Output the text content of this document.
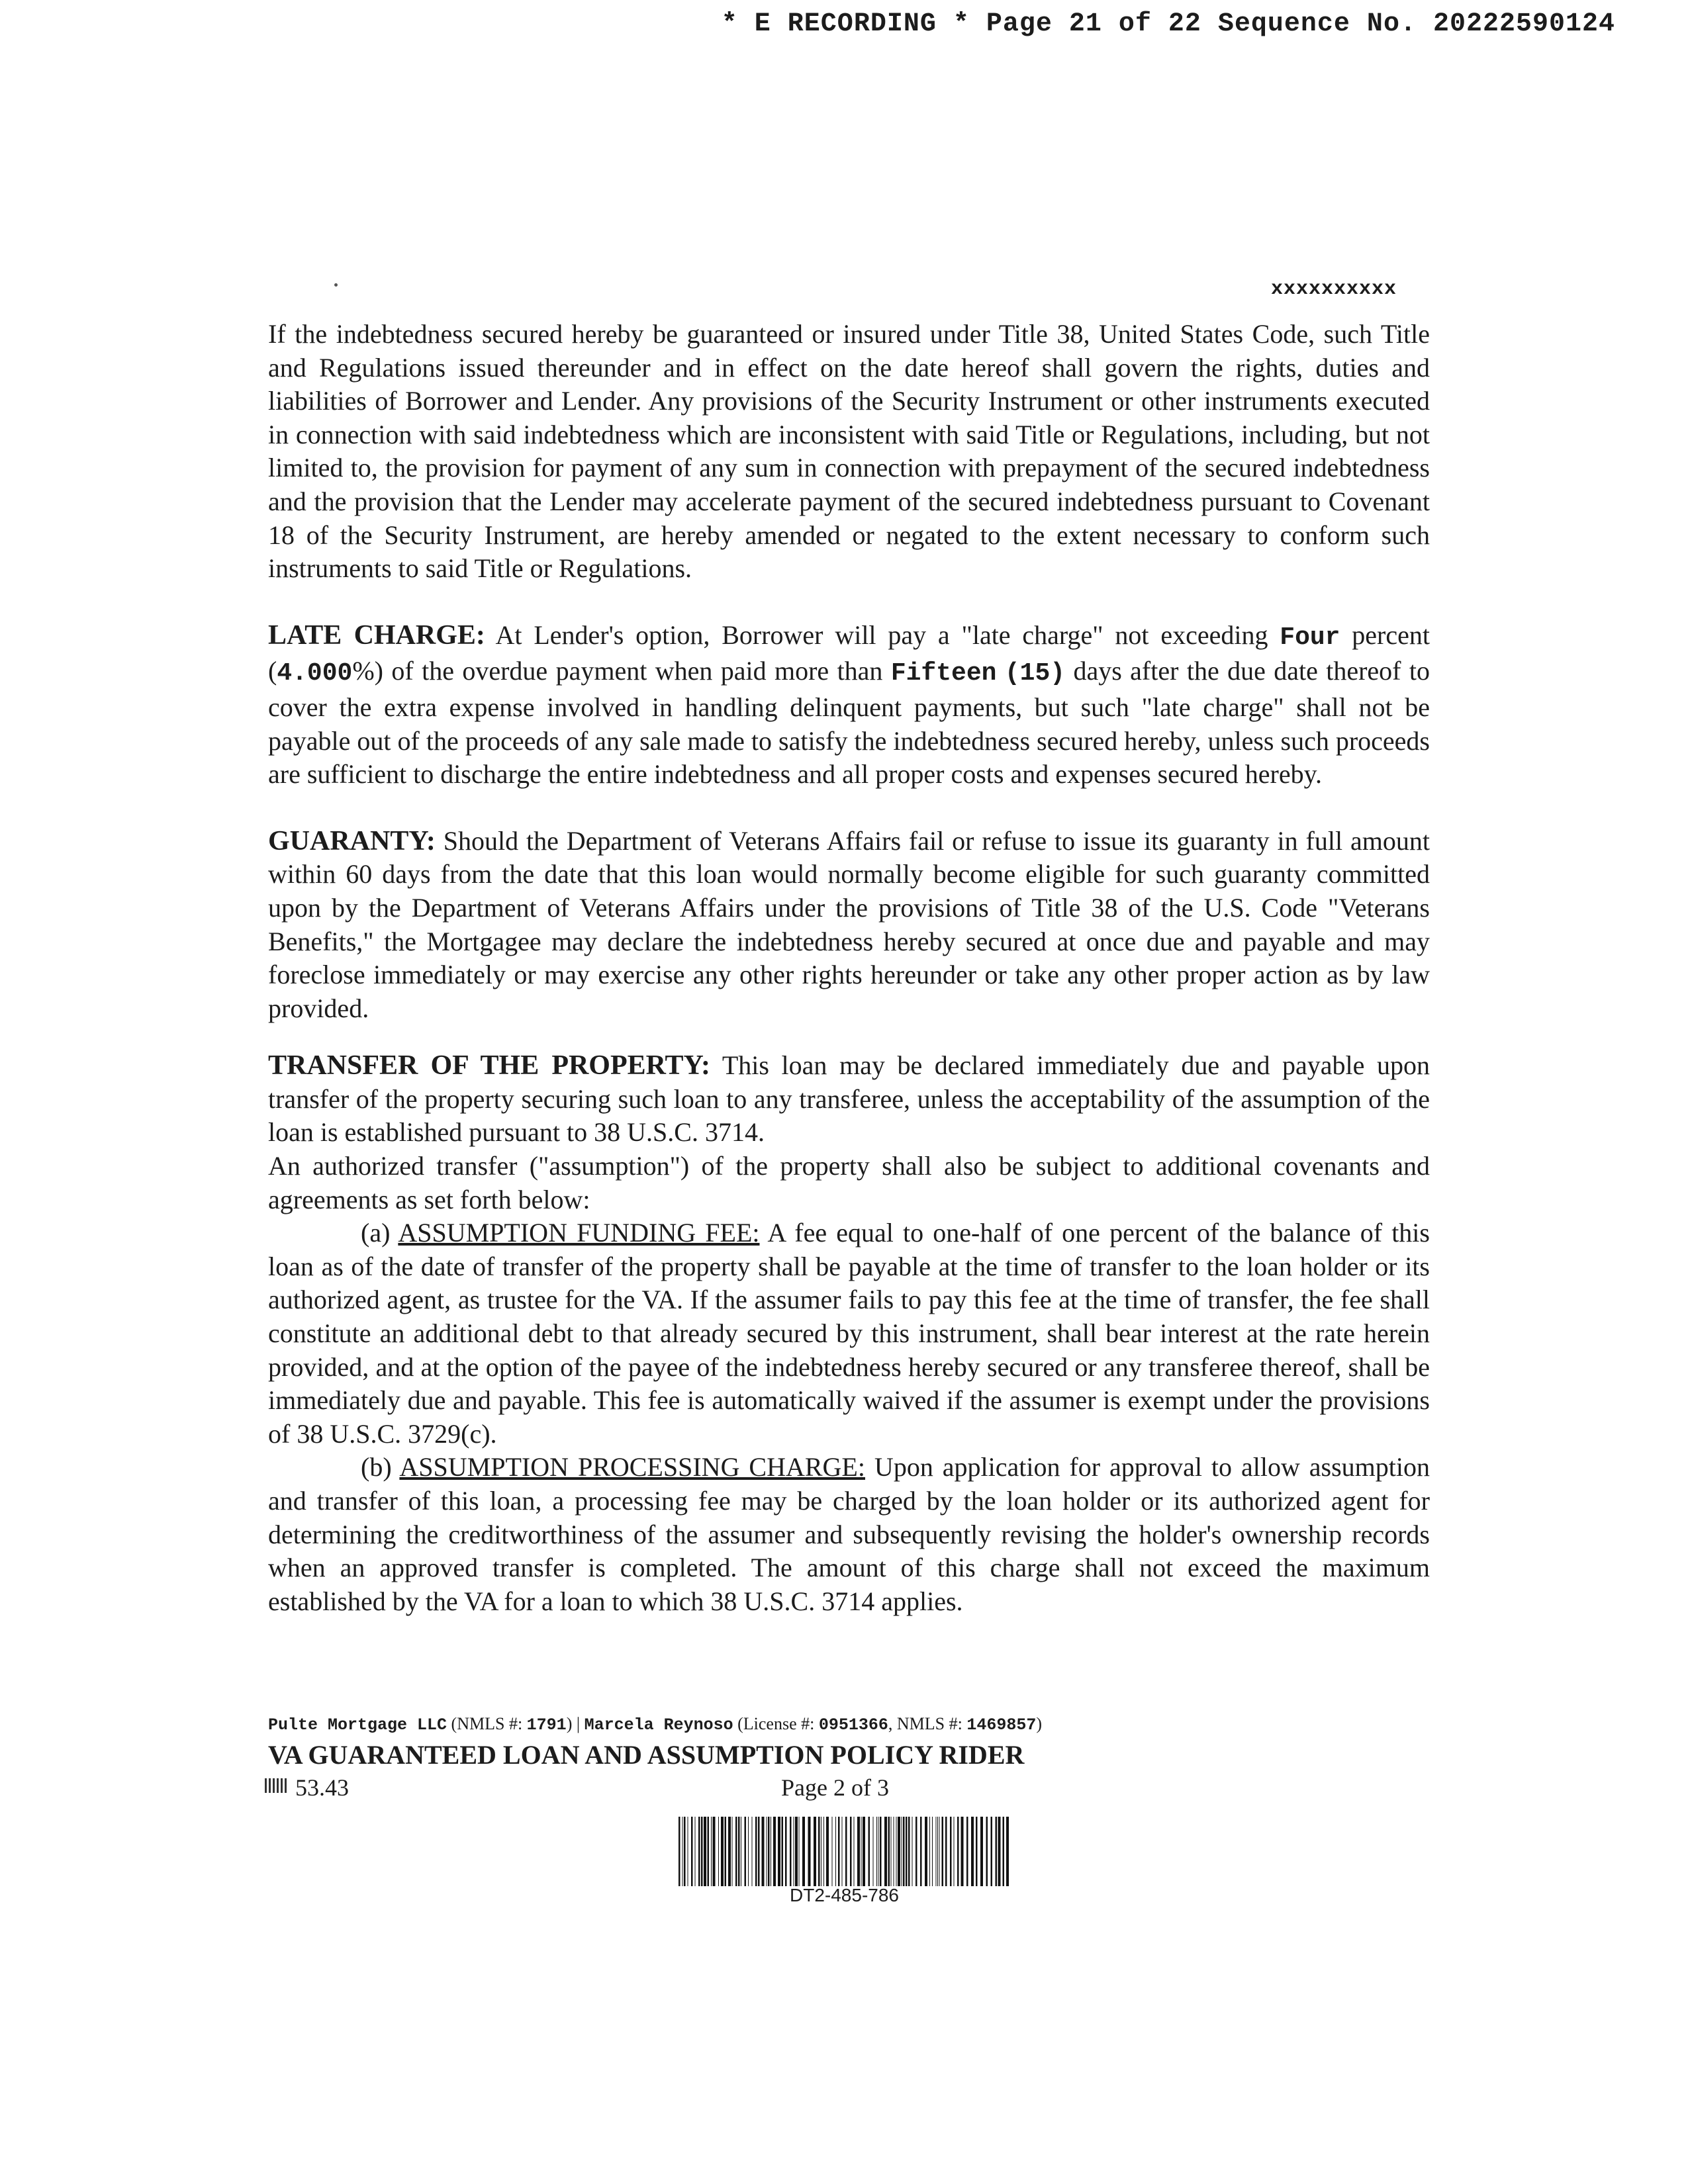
* E RECORDING * Page 21 of 22 Sequence No. 20222590124
xxxxxxxxxx

If the indebtedness secured hereby be guaranteed or insured under Title 38, United States Code, such Title and Regulations issued thereunder and in effect on the date hereof shall govern the rights, duties and liabilities of Borrower and Lender. Any provisions of the Security Instrument or other instruments executed in connection with said indebtedness which are inconsistent with said Title or Regulations, including, but not limited to, the provision for payment of any sum in connection with prepayment of the secured indebtedness and the provision that the Lender may accelerate payment of the secured indebtedness pursuant to Covenant 18 of the Security Instrument, are hereby amended or negated to the extent necessary to conform such instruments to said Title or Regulations.

LATE CHARGE: At Lender's option, Borrower will pay a "late charge" not exceeding Four percent (4.000%) of the overdue payment when paid more than Fifteen (15) days after the due date thereof to cover the extra expense involved in handling delinquent payments, but such "late charge" shall not be payable out of the proceeds of any sale made to satisfy the indebtedness secured hereby, unless such proceeds are sufficient to discharge the entire indebtedness and all proper costs and expenses secured hereby.

GUARANTY: Should the Department of Veterans Affairs fail or refuse to issue its guaranty in full amount within 60 days from the date that this loan would normally become eligible for such guaranty committed upon by the Department of Veterans Affairs under the provisions of Title 38 of the U.S. Code "Veterans Benefits," the Mortgagee may declare the indebtedness hereby secured at once due and payable and may foreclose immediately or may exercise any other rights hereunder or take any other proper action as by law provided.

TRANSFER OF THE PROPERTY: This loan may be declared immediately due and payable upon transfer of the property securing such loan to any transferee, unless the acceptability of the assumption of the loan is established pursuant to 38 U.S.C. 3714.

An authorized transfer ("assumption") of the property shall also be subject to additional covenants and agreements as set forth below:

(a) ASSUMPTION FUNDING FEE: A fee equal to one-half of one percent of the balance of this loan as of the date of transfer of the property shall be payable at the time of transfer to the loan holder or its authorized agent, as trustee for the VA. If the assumer fails to pay this fee at the time of transfer, the fee shall constitute an additional debt to that already secured by this instrument, shall bear interest at the rate herein provided, and at the option of the payee of the indebtedness hereby secured or any transferee thereof, shall be immediately due and payable. This fee is automatically waived if the assumer is exempt under the provisions of 38 U.S.C. 3729(c).

(b) ASSUMPTION PROCESSING CHARGE: Upon application for approval to allow assumption and transfer of this loan, a processing fee may be charged by the loan holder or its authorized agent for determining the creditworthiness of the assumer and subsequently revising the holder's ownership records when an approved transfer is completed. The amount of this charge shall not exceed the maximum established by the VA for a loan to which 38 U.S.C. 3714 applies.

Pulte Mortgage LLC (NMLS #: 1791) | Marcela Reynoso (License #: 0951366, NMLS #: 1469857)
VA GUARANTEED LOAN AND ASSUMPTION POLICY RIDER
53.43	Page 2 of 3
DT2-485-786
